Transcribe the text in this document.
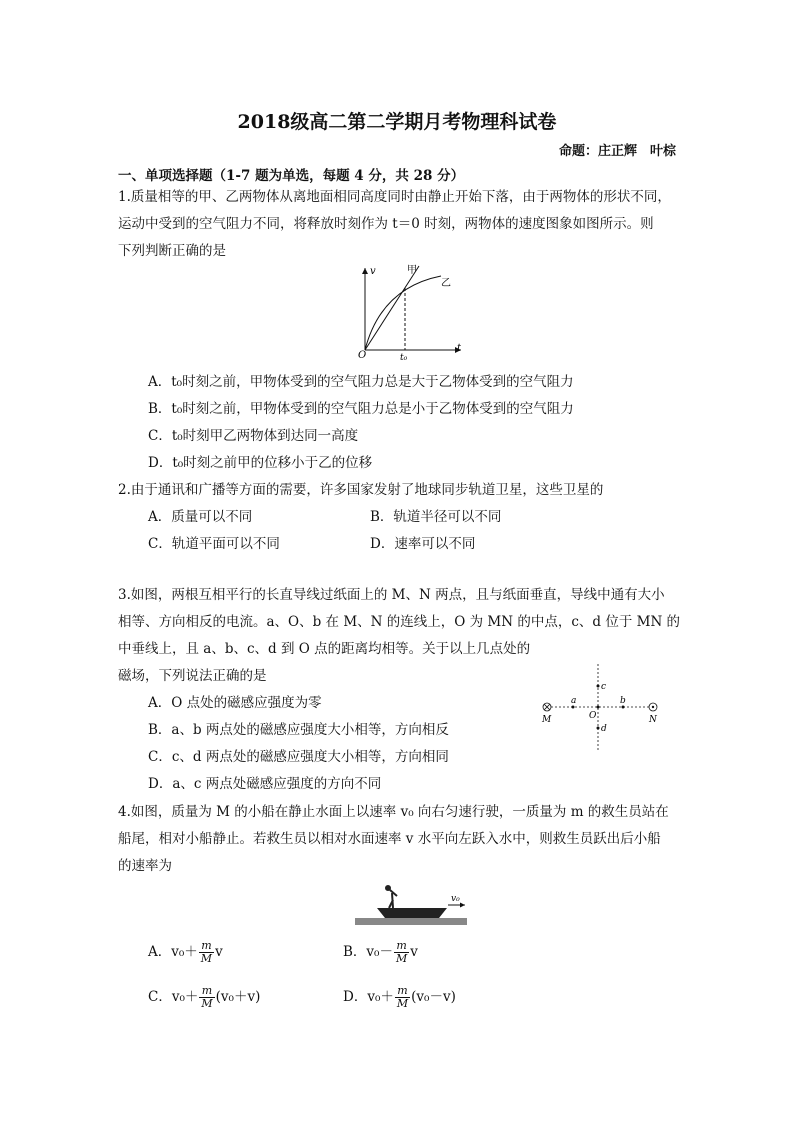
2018级高二第二学期月考物理科试卷
命题：庄正辉　叶棕
一、单项选择题（1-7 题为单选，每题 4 分，共 28 分）
1.质量相等的甲、乙两物体从离地面相同高度同时由静止开始下落，由于两物体的形状不同，
运动中受到的空气阻力不同，将释放时刻作为 t＝0 时刻，两物体的速度图象如图所示。则
下列判断正确的是
v
t
O	t₀
甲
乙
A．t₀时刻之前，甲物体受到的空气阻力总是大于乙物体受到的空气阻力
B．t₀时刻之前，甲物体受到的空气阻力总是小于乙物体受到的空气阻力
C．t₀时刻甲乙两物体到达同一高度
D．t₀时刻之前甲的位移小于乙的位移
2.由于通讯和广播等方面的需要，许多国家发射了地球同步轨道卫星，这些卫星的
A．质量可以不同	B．轨道半径可以不同
C．轨道平面可以不同	D．速率可以不同
3.如图，两根互相平行的长直导线过纸面上的 M、N 两点，且与纸面垂直，导线中通有大小
相等、方向相反的电流。a、O、b 在 M、N 的连线上，O 为 MN 的中点，c、d 位于 MN 的
中垂线上，且 a、b、c、d 到 O 点的距离均相等。关于以上几点处的
磁场，下列说法正确的是
A．O 点处的磁感应强度为零
B．a、b 两点处的磁感应强度大小相等，方向相反
C．c、d 两点处的磁感应强度大小相等，方向相同
D．a、c 两点处磁感应强度的方向不同
M	N
a	b
O
c
d
4.如图，质量为 M 的小船在静止水面上以速率 v₀ 向右匀速行驶，一质量为 m 的救生员站在
船尾，相对小船静止。若救生员以相对水面速率 v 水平向左跃入水中，则救生员跃出后小船
的速率为
v₀
A．$v_0+ \frac{m}{M}$ v	B．$v_0- \frac{m}{M}$ v
C．$v_0+ \frac{m}{M} (v_0+v)$	D．$v_0+ \frac{m}{M} (v_0-v)$
